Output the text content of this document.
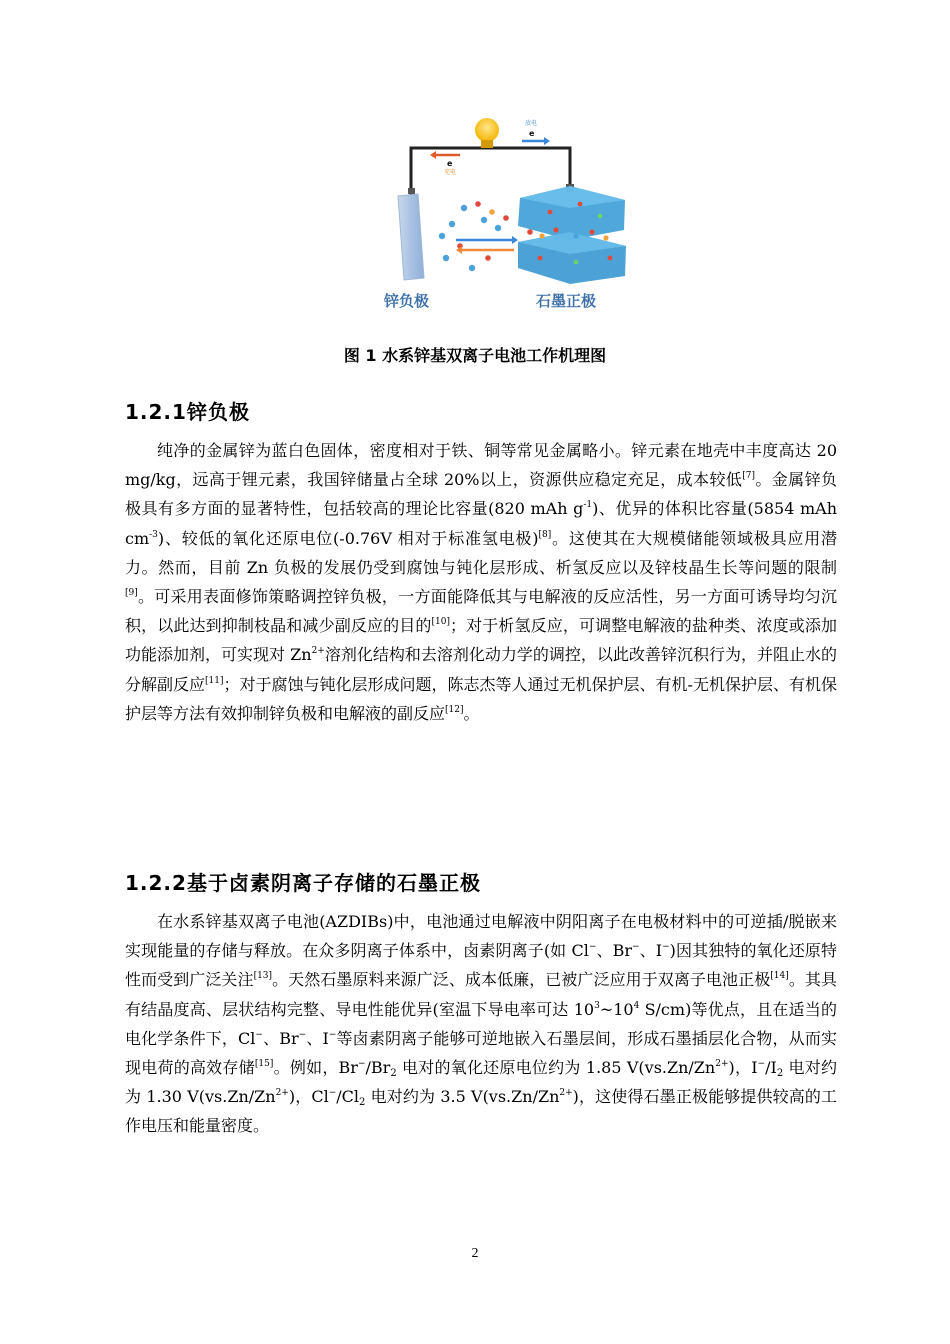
放电
e
e
充电
锌负极	石墨正极
图 1 水系锌基双离子电池工作机理图
1.2.1锌负极

纯净的金属锌为蓝白色固体，密度相对于铁、铜等常见金属略小。锌元素在地壳中丰度高达 20 mg/kg，远高于锂元素，我国锌储量占全球 20%以上，资源供应稳定充足，成本较低[7]。金属锌负极具有多方面的显著特性，包括较高的理论比容量(820 mAh $g^{-1}$)、优异的体积比容量(5854 mAh $cm^{-3}$)、较低的氧化还原电位(-0.76V 相对于标准氢电极)[8]。这使其在大规模储能领域极具应用潜力。然而，目前 Zn 负极的发展仍受到腐蚀与钝化层形成、析氢反应以及锌枝晶生长等问题的限制[9]。可采用表面修饰策略调控锌负极，一方面能降低其与电解液的反应活性，另一方面可诱导均匀沉积，以此达到抑制枝晶和减少副反应的目的[10]；对于析氢反应，可调整电解液的盐种类、浓度或添加功能添加剂，可实现对 $Zn^{2+}$溶剂化结构和去溶剂化动力学的调控，以此改善锌沉积行为，并阻止水的分解副反应[11]；对于腐蚀与钝化层形成问题，陈志杰等人通过无机保护层、有机-无机保护层、有机保护层等方法有效抑制锌负极和电解液的副反应[12]。

1.2.2基于卤素阴离子存储的石墨正极

在水系锌基双离子电池(AZDIBs)中，电池通过电解液中阴阳离子在电极材料中的可逆插/脱嵌来实现能量的存储与释放。在众多阴离子体系中，卤素阴离子(如 Cl−、Br−、I−)因其独特的氧化还原特性而受到广泛关注[13]。天然石墨原料来源广泛、成本低廉，已被广泛应用于双离子电池正极[14]。其具有结晶度高、层状结构完整、导电性能优异(室温下导电率可达 $10^3\sim 10^4$ S/cm)等优点，且在适当的电化学条件下，Cl−、Br−、I−等卤素阴离子能够可逆地嵌入石墨层间，形成石墨插层化合物，从而实现电荷的高效存储[15]。例如，$Br^-/Br_2$ 电对的氧化还原电位约为 1.85 $V(vs.Zn/Zn^{2+})$，$I^-/I_2$ 电对约为 1.30 $V(vs.Zn/Zn^{2+})$，$Cl^-/Cl_2$ 电对约为 3.5 $V(vs.Zn/Zn^{2+})$，这使得石墨正极能够提供较高的工作电压和能量密度。

2
